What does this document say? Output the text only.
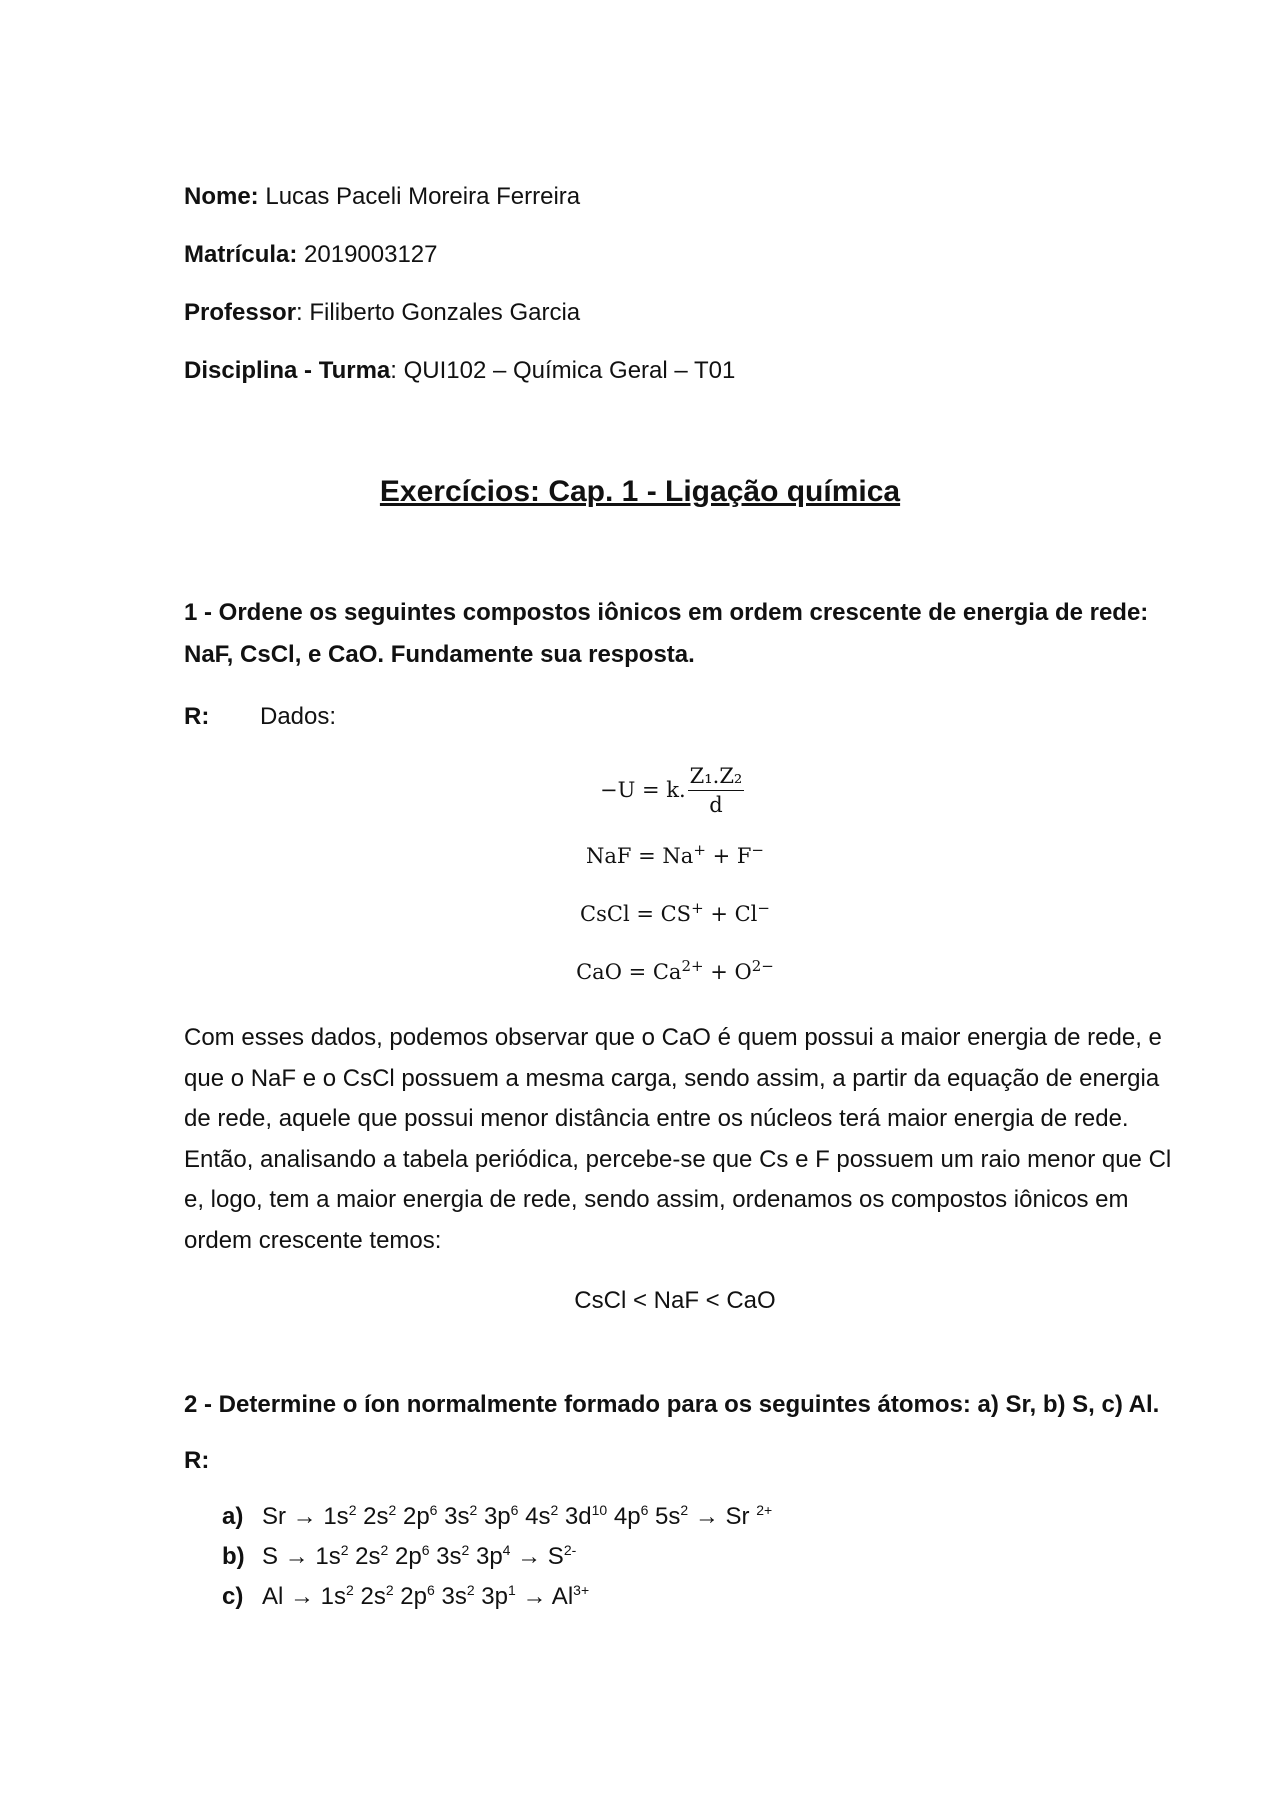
Nome: Lucas Paceli Moreira Ferreira
Matrícula: 2019003127
Professor: Filiberto Gonzales Garcia
Disciplina - Turma: QUI102 – Química Geral – T01
Exercícios: Cap. 1 - Ligação química
1 - Ordene os seguintes compostos iônicos em ordem crescente de energia de rede: NaF, CsCl, e CaO. Fundamente sua resposta.
R: Dados:
−U = k. $\frac{\text{Z₁.Z₂}}{d}$
NaF = Na+ + F−
CsCl = CS+ + Cl−
CaO = $Ca^{2+} + O^{2-}$
Com esses dados, podemos observar que o CaO é quem possui a maior energia de rede, e que o NaF e o CsCl possuem a mesma carga, sendo assim, a partir da equação de energia de rede, aquele que possui menor distância entre os núcleos terá maior energia de rede. Então, analisando a tabela periódica, percebe-se que Cs e F possuem um raio menor que Cl e, logo, tem a maior energia de rede, sendo assim, ordenamos os compostos iônicos em ordem crescente temos:
CsCl < NaF < CaO
2 - Determine o íon normalmente formado para os seguintes átomos: a) Sr, b) S, c) Al.
R:
a) $Sr \to 1s^2$ $2s^2$ $2p^6$ $3s^2$ $3p^6$ $4s^2$ $3d^{10}$ $4p^6$ $5s^2 \to Sr$ $^{2+}$
b) $S \to 1s^2$ $2s^2$ $2p^6$ $3s^2$ $3p^4 \to S^{2-}$
c) $Al \to 1s^2$ $2s^2$ $2p^6$ $3s^2$ $3p^1 \to Al^{3+}$
